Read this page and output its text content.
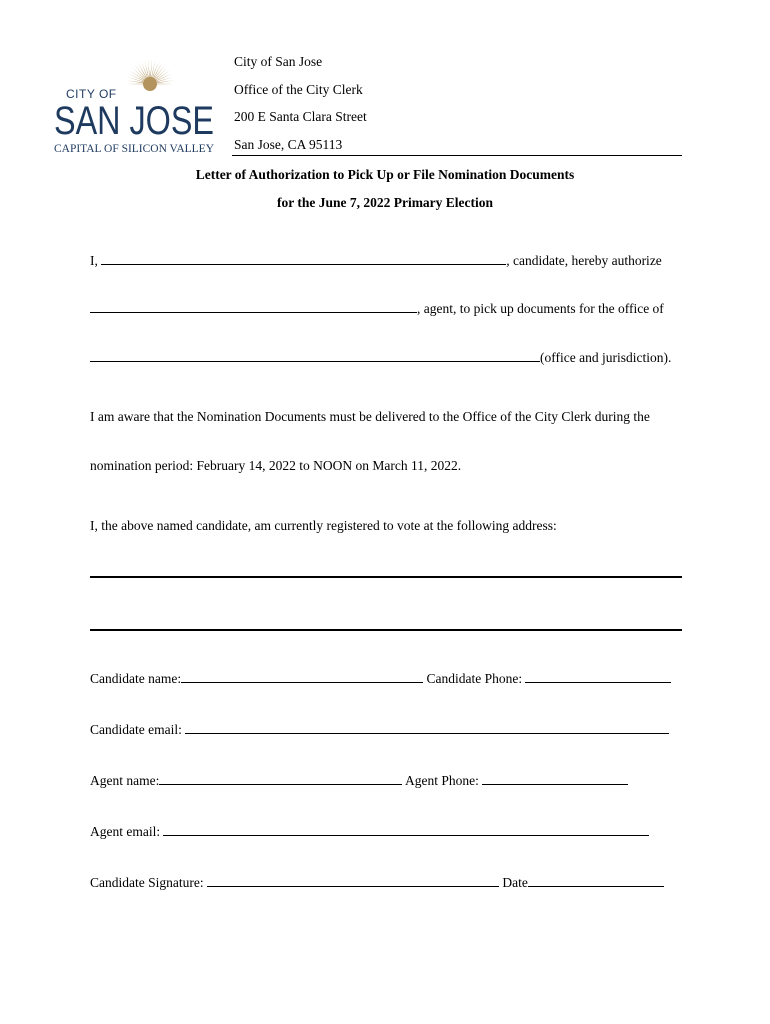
CITY OF
SAN JOSE
CAPITAL OF SILICON VALLEY
City of San Jose
Office of the City Clerk
200 E Santa Clara Street
San Jose, CA 95113
Letter of Authorization to Pick Up or File Nomination Documents
for the June 7, 2022 Primary Election
I,	, candidate, hereby authorize
, agent, to pick up documents for the office of
(office and jurisdiction).
I am aware that the Nomination Documents must be delivered to the Office of the City Clerk during the
nomination period: February 14, 2022 to NOON on March 11, 2022.
I, the above named candidate, am currently registered to vote at the following address:
Candidate name:	Candidate Phone:
Candidate email:
Agent name:	Agent Phone:
Agent email:
Candidate Signature:	Date
